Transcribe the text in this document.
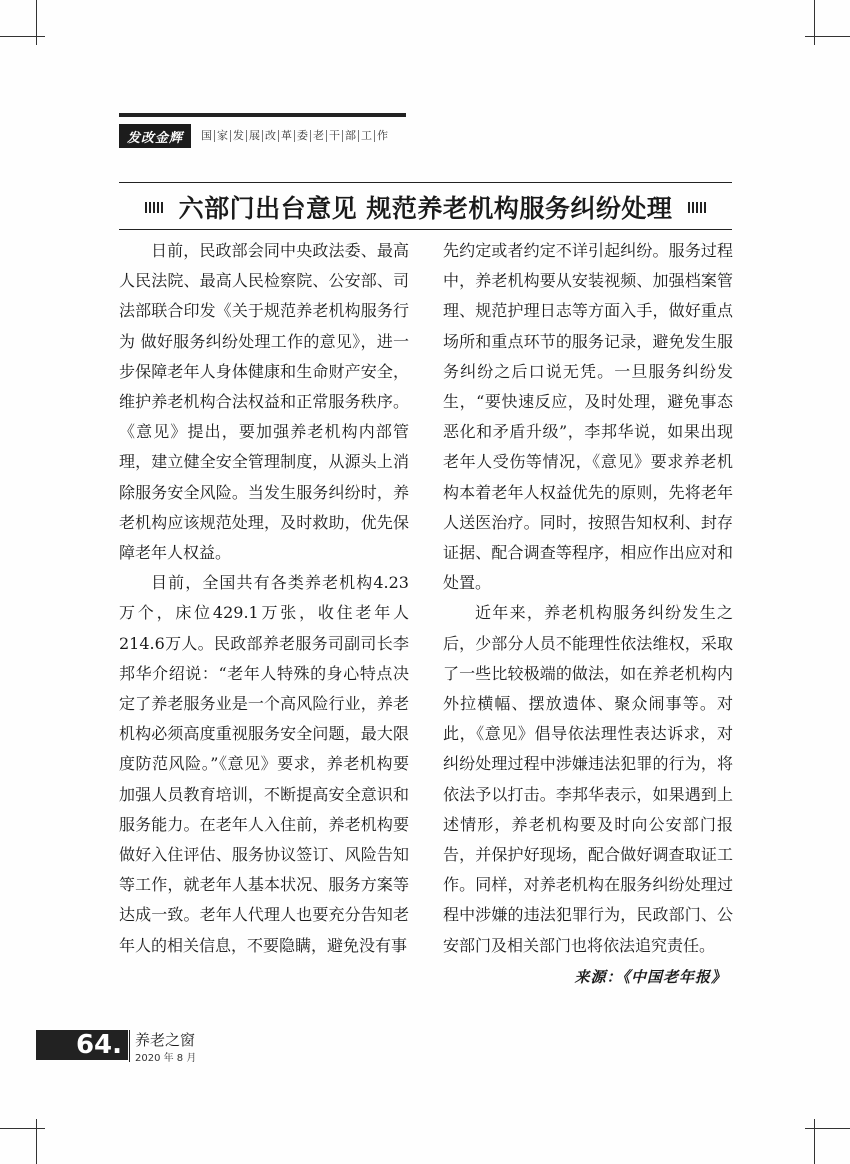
发改金辉	国 家 发 展 改 革 委 老 干 部 工 作
六部门出台意见 规范养老机构服务纠纷处理

日前，民政部会同中央政法委、最高人民法院、最高人民检察院、公安部、司法部联合印发《关于规范养老机构服务行为 做好服务纠纷处理工作的意见》，进一步保障老年人身体健康和生命财产安全，维护养老机构合法权益和正常服务秩序。《意见》提出，要加强养老机构内部管理，建立健全安全管理制度，从源头上消除服务安全风险。当发生服务纠纷时，养老机构应该规范处理，及时救助，优先保障老年人权益。

目前，全国共有各类养老机构4.23万个，床位429.1万张，收住老年人214.6万人。民政部养老服务司副司长李邦华介绍说：“老年人特殊的身心特点决定了养老服务业是一个高风险行业，养老机构必须高度重视服务安全问题，最大限度防范风险。”《意见》要求，养老机构要加强人员教育培训，不断提高安全意识和服务能力。在老年人入住前，养老机构要做好入住评估、服务协议签订、风险告知等工作，就老年人基本状况、服务方案等达成一致。老年人代理人也要充分告知老年人的相关信息，不要隐瞒，避免没有事

先约定或者约定不详引起纠纷。服务过程中，养老机构要从安装视频、加强档案管理、规范护理日志等方面入手，做好重点场所和重点环节的服务记录，避免发生服务纠纷之后口说无凭。一旦服务纠纷发生，“要快速反应，及时处理，避免事态恶化和矛盾升级”，李邦华说，如果出现老年人受伤等情况，《意见》要求养老机构本着老年人权益优先的原则，先将老年人送医治疗。同时，按照告知权利、封存证据、配合调查等程序，相应作出应对和处置。

近年来，养老机构服务纠纷发生之后，少部分人员不能理性依法维权，采取了一些比较极端的做法，如在养老机构内外拉横幅、摆放遗体、聚众闹事等。对此，《意见》倡导依法理性表达诉求，对纠纷处理过程中涉嫌违法犯罪的行为，将依法予以打击。李邦华表示，如果遇到上述情形，养老机构要及时向公安部门报告，并保护好现场，配合做好调查取证工作。同样，对养老机构在服务纠纷处理过程中涉嫌的违法犯罪行为，民政部门、公安部门及相关部门也将依法追究责任。

来源：《中国老年报》
64. 养老之窗
2020 年 8 月
